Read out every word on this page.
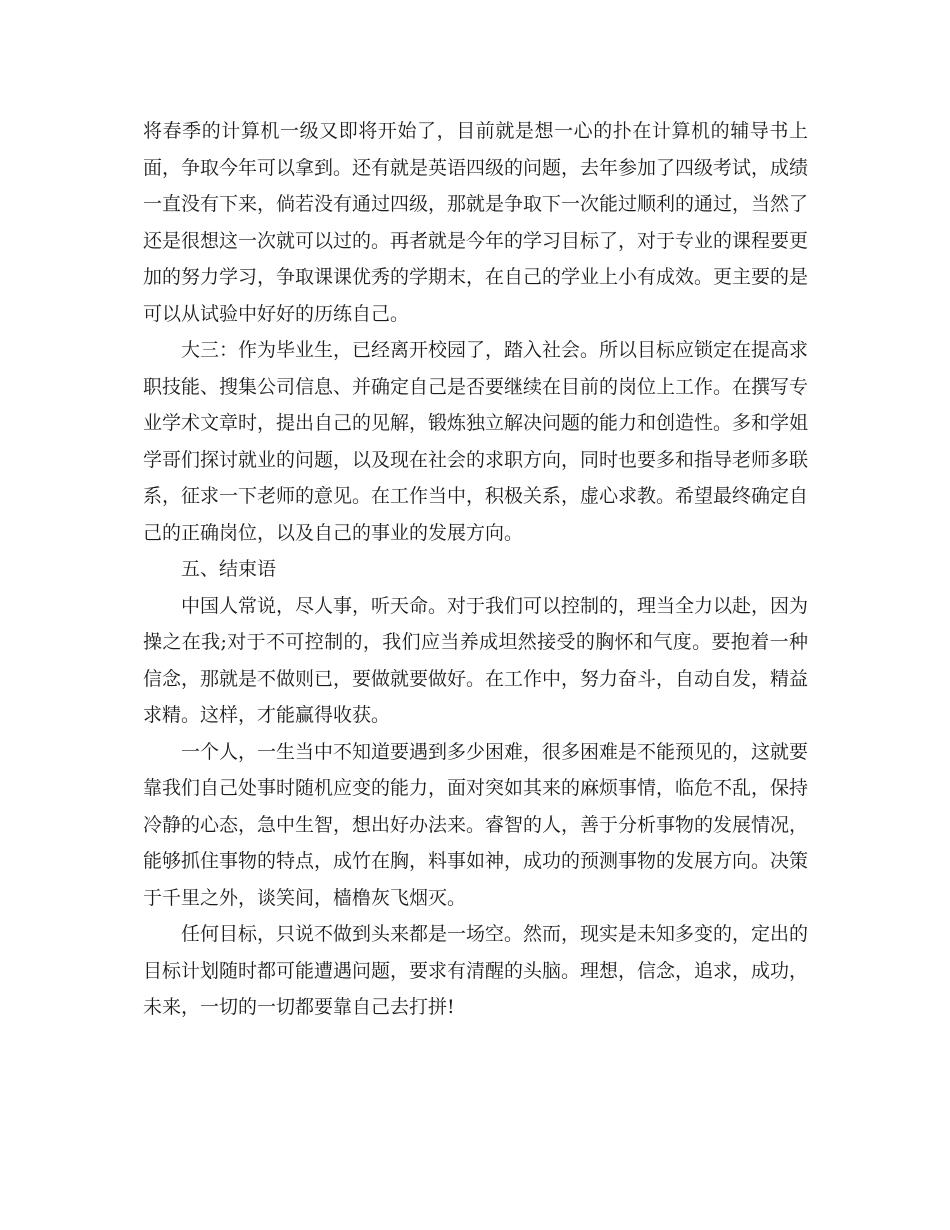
将春季的计算机一级又即将开始了，目前就是想一心的扑在计算机的辅导书上面，争取今年可以拿到。还有就是英语四级的问题，去年参加了四级考试，成绩一直没有下来，倘若没有通过四级，那就是争取下一次能过顺利的通过，当然了还是很想这一次就可以过的。再者就是今年的学习目标了，对于专业的课程要更加的努力学习，争取课课优秀的学期末，在自己的学业上小有成效。更主要的是可以从试验中好好的历练自己。

大三：作为毕业生，已经离开校园了，踏入社会。所以目标应锁定在提高求职技能、搜集公司信息、并确定自己是否要继续在目前的岗位上工作。在撰写专业学术文章时，提出自己的见解，锻炼独立解决问题的能力和创造性。多和学姐学哥们探讨就业的问题，以及现在社会的求职方向，同时也要多和指导老师多联系，征求一下老师的意见。在工作当中，积极关系，虚心求教。希望最终确定自己的正确岗位，以及自己的事业的发展方向。

五、结束语

中国人常说，尽人事，听天命。对于我们可以控制的，理当全力以赴，因为操之在我;对于不可控制的，我们应当养成坦然接受的胸怀和气度。要抱着一种信念，那就是不做则已，要做就要做好。在工作中，努力奋斗，自动自发，精益求精。这样，才能赢得收获。

一个人，一生当中不知道要遇到多少困难，很多困难是不能预见的，这就要靠我们自己处事时随机应变的能力，面对突如其来的麻烦事情，临危不乱，保持冷静的心态，急中生智，想出好办法来。睿智的人，善于分析事物的发展情况，能够抓住事物的特点，成竹在胸，料事如神，成功的预测事物的发展方向。决策于千里之外，谈笑间，樯橹灰飞烟灭。

任何目标，只说不做到头来都是一场空。然而，现实是未知多变的，定出的目标计划随时都可能遭遇问题，要求有清醒的头脑。理想，信念，追求，成功，未来，一切的一切都要靠自己去打拼!
